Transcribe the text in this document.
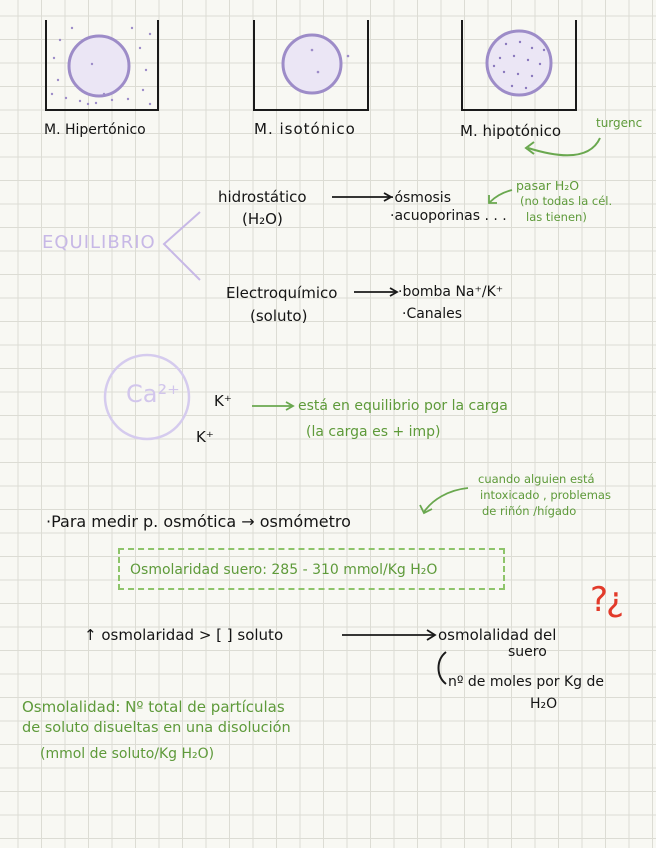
M. Hipertónico	M. isotónico	M. hipotónico	turgenc
EQUILIBRIO
hidrostático
(H₂O)
·ósmosis
·acuoporinas . . .
pasar H₂O
(no todas la cél.
las tienen)
Electroquímico
(soluto)
·bomba Na⁺/K⁺
·Canales
Ca²⁺ K⁺
K⁺
está en equilibrio por la carga
(la carga es + imp)
·Para medir p. osmótica → osmómetro
cuando alguien está
intoxicado , problemas
de riñón /hígado
Osmolaridad suero: 285 - 310 mmol/Kg H₂O
↑ osmolaridad > [ ] soluto	osmolalidad del
suero
?¿
nº de moles por Kg de
H₂O
Osmolalidad: Nº total de partículas
de soluto disueltas en una disolución
(mmol de soluto/Kg H₂O)
